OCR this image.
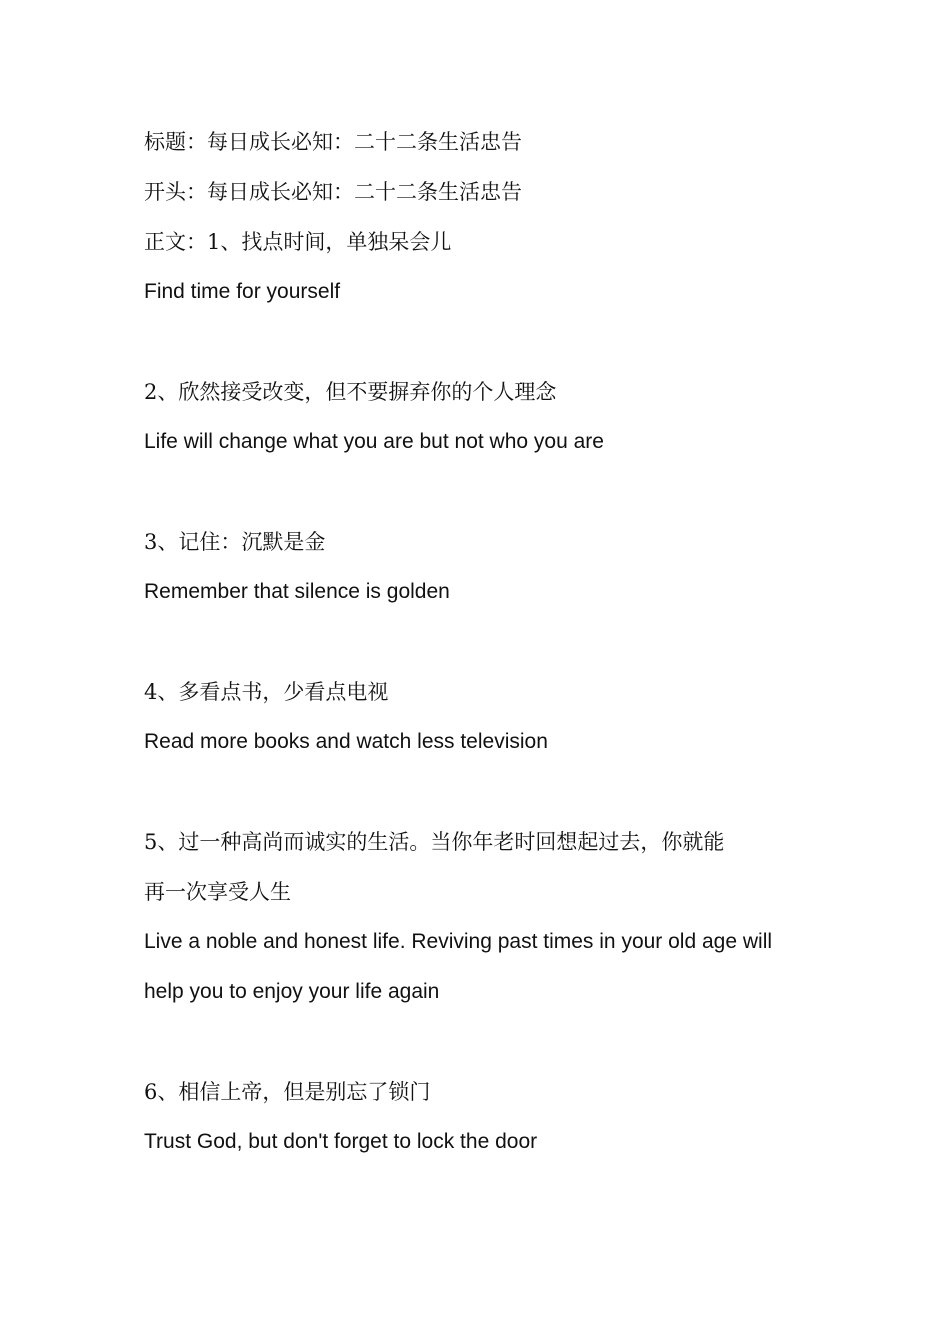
标题：每日成长必知：二十二条生活忠告
开头：每日成长必知：二十二条生活忠告
正文：1、找点时间，单独呆会儿
Find time for yourself
2、欣然接受改变，但不要摒弃你的个人理念
Life will change what you are but not who you are
3、记住：沉默是金
Remember that silence is golden
4、多看点书，少看点电视
Read more books and watch less television
5、过一种高尚而诚实的生活。当你年老时回想起过去，你就能
再一次享受人生
Live a noble and honest life. Reviving past times in your old age will
help you to enjoy your life again
6、相信上帝，但是别忘了锁门
Trust God, but don't forget to lock the door
